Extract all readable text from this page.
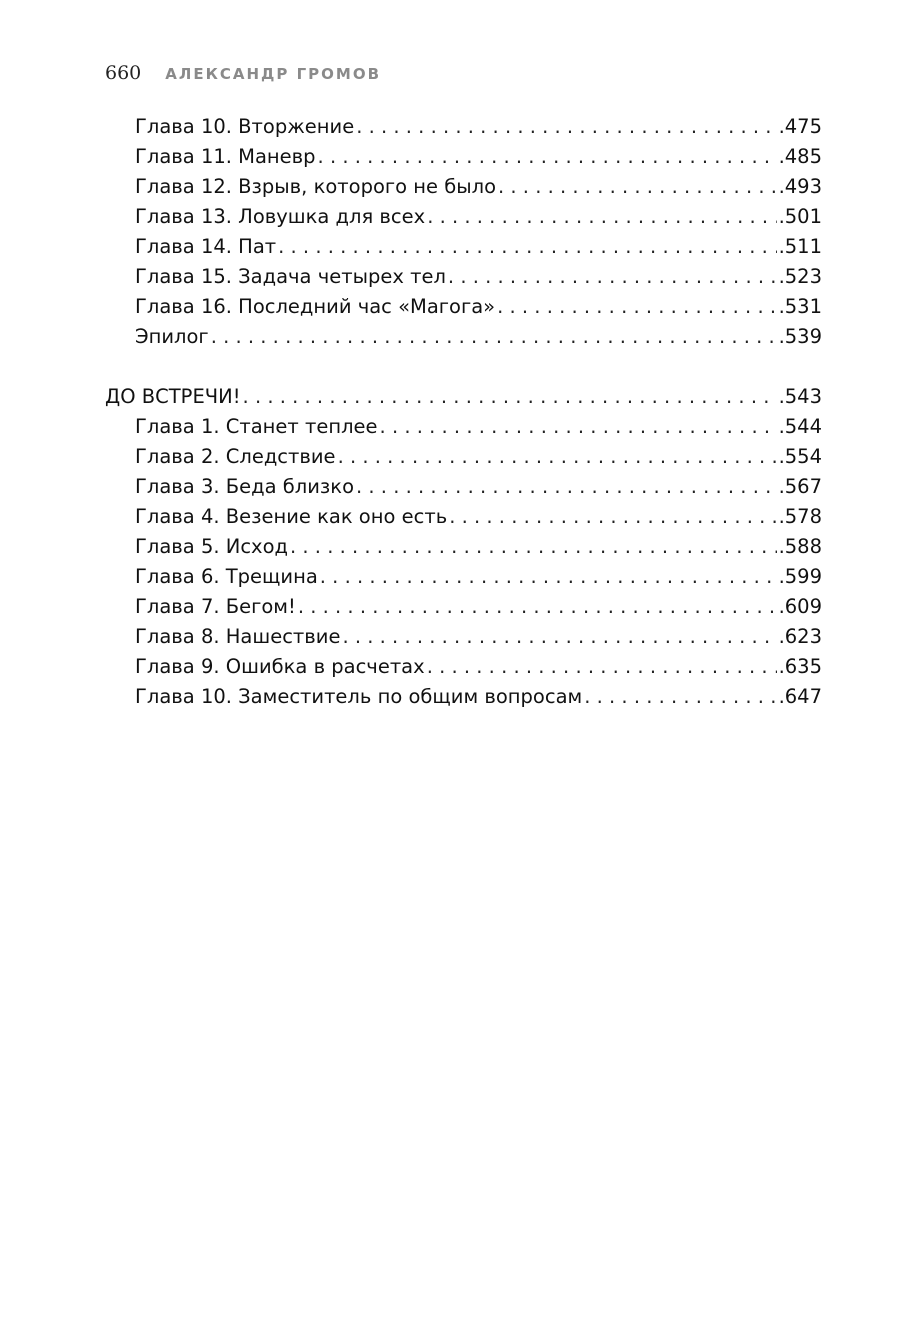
660 АЛЕКСАНДР ГРОМОВ
Глава 10. Вторжение . . .	.475
Глава 11. Маневр . . .	.485
Глава 12. Взрыв, которого не было . . .	.493
Глава 13. Ловушка для всех . . .	.501
Глава 14. Пат . . .	.511
Глава 15. Задача четырех тел . . .	.523
Глава 16. Последний час «Магога» . . .	.531
Эпилог . . .	.539
ДО ВСТРЕЧИ! . . .	.543
Глава 1. Станет теплее . . .	.544
Глава 2. Следствие . . .	.554
Глава 3. Беда близко . . .	.567
Глава 4. Везение как оно есть . . .	.578
Глава 5. Исход . . .	.588
Глава 6. Трещина . . .	.599
Глава 7. Бегом! . . .	.609
Глава 8. Нашествие . . .	.623
Глава 9. Ошибка в расчетах . . .	.635
Глава 10. Заместитель по общим вопросам . . .	.647
